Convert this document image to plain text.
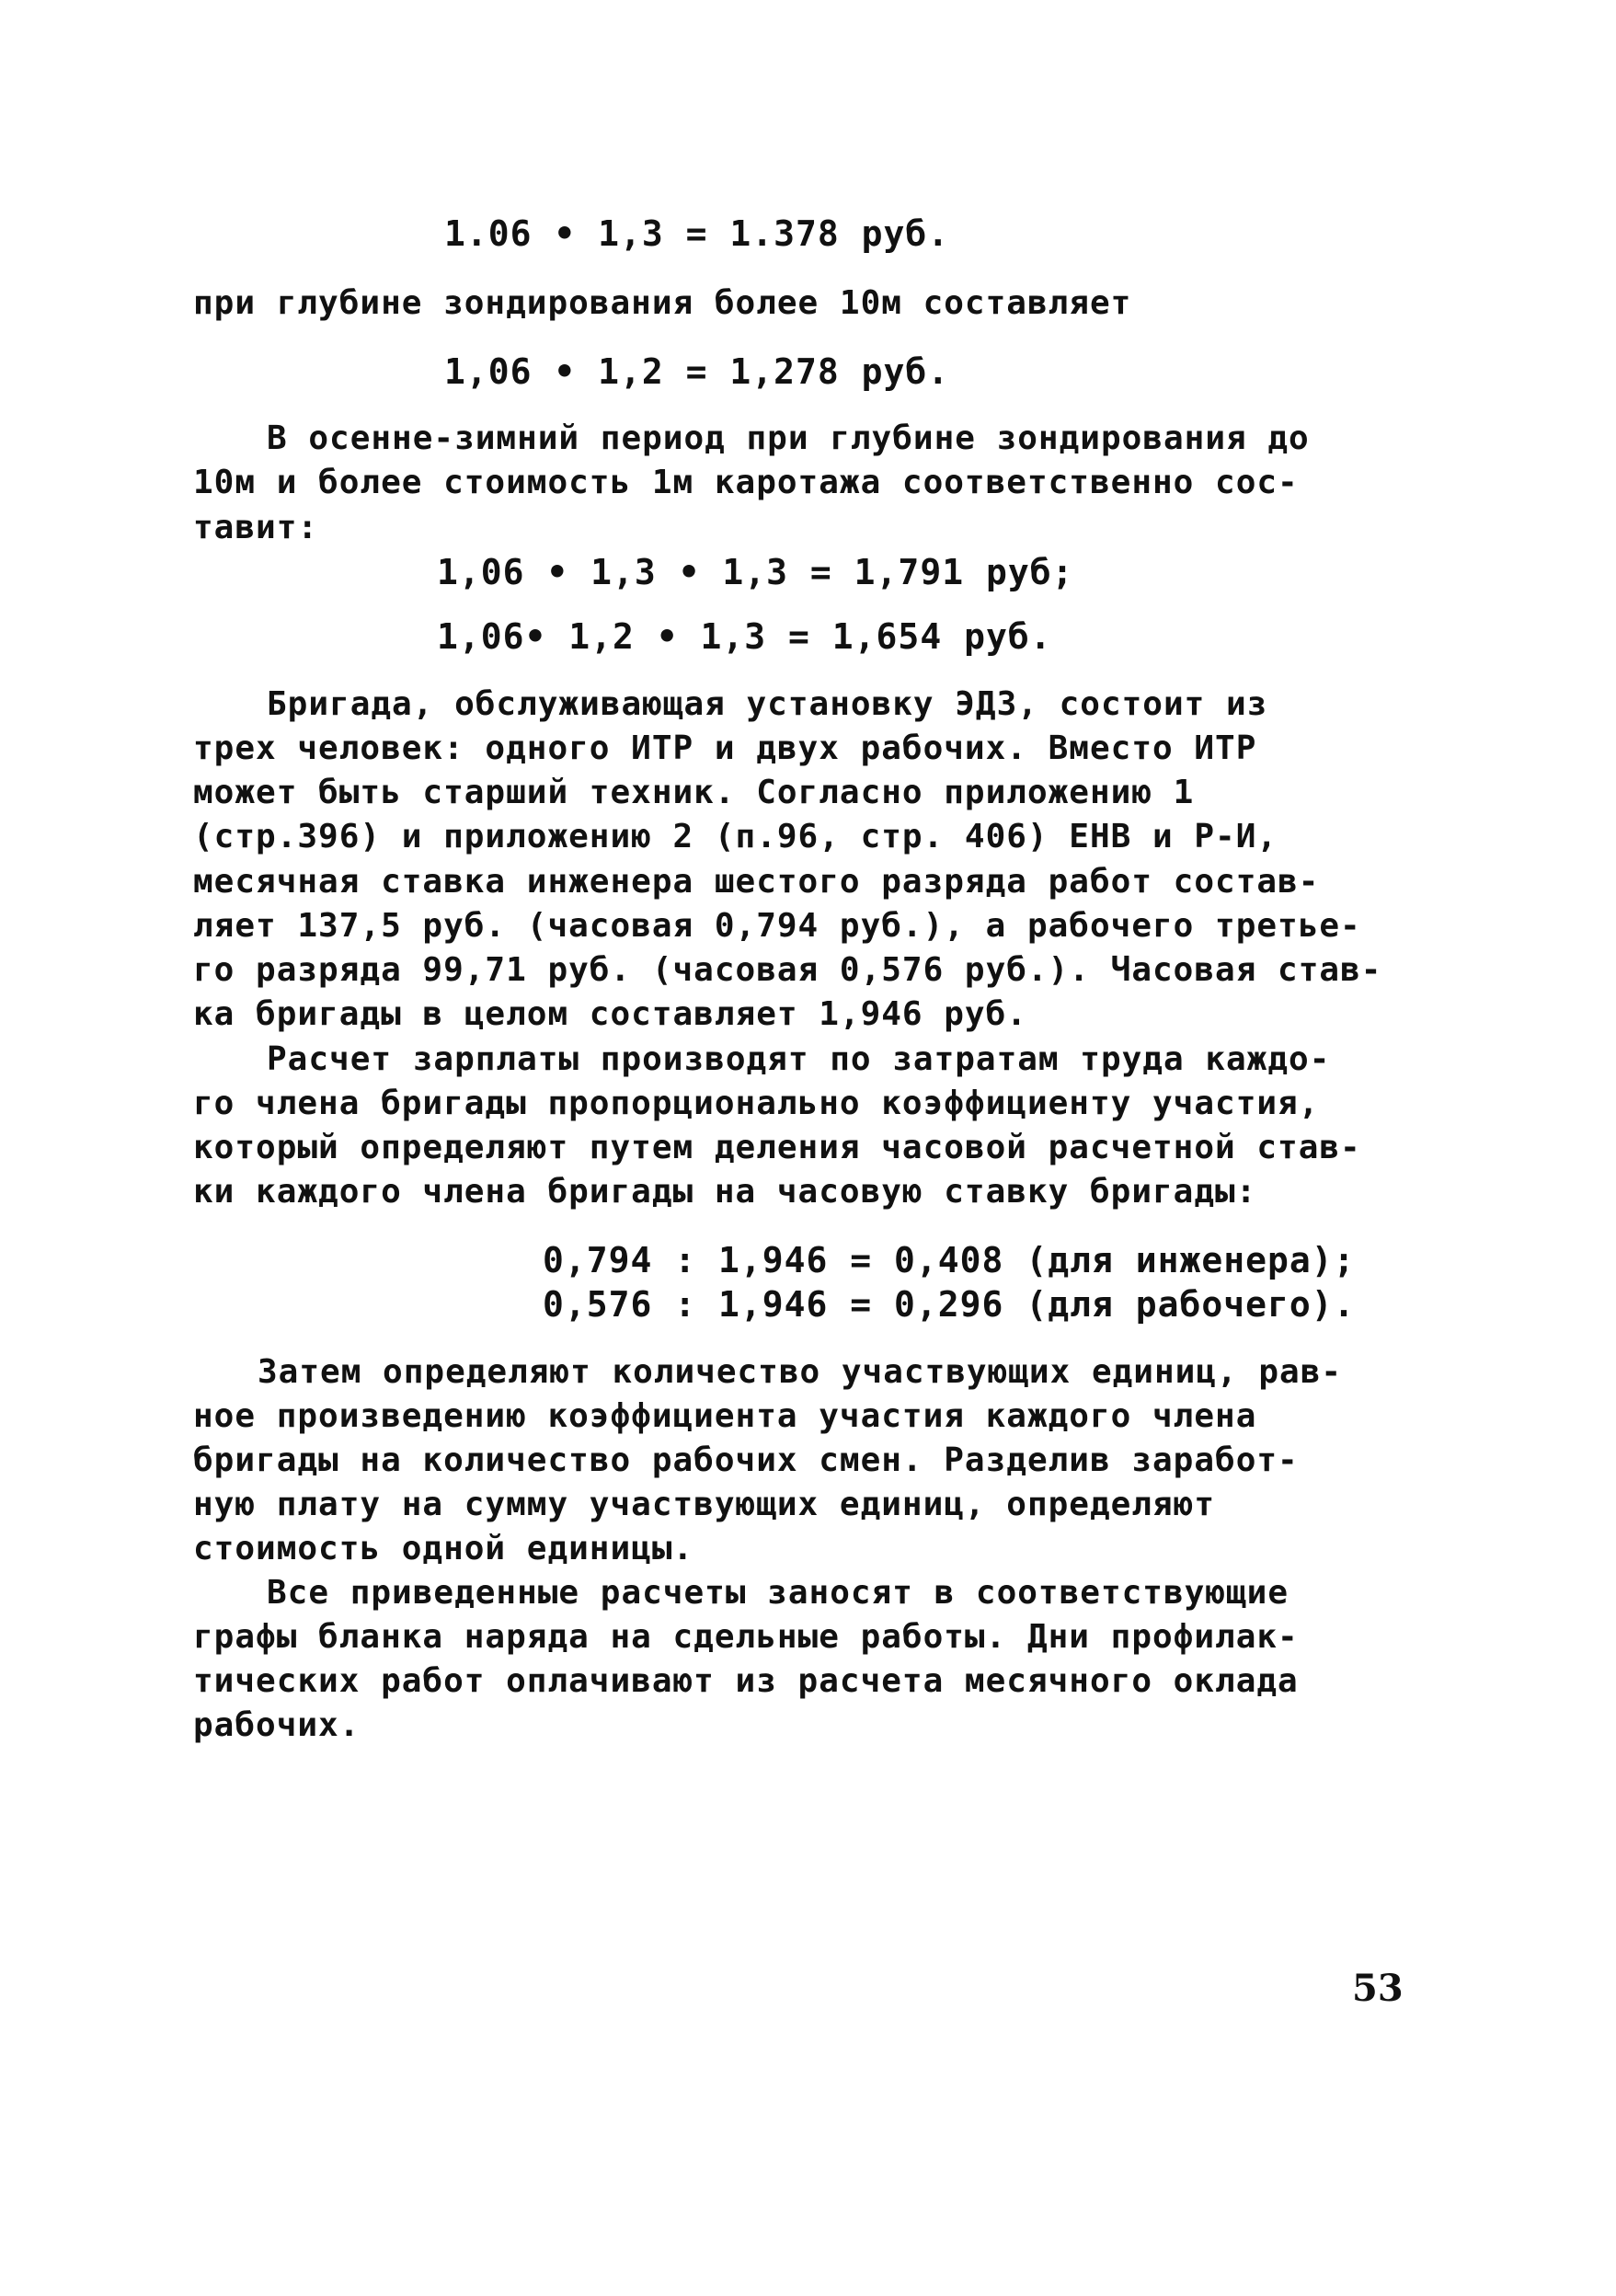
1.06 • 1,3 = 1.378 руб.
при глубине зондирования более 10м составляет
1,06 • 1,2 = 1,278 руб.
В осенне-зимний период при глубине зондирования до
10м и более стоимость 1м каротажа соответственно сос-
тавит:
1,06 • 1,3 • 1,3 = 1,791 руб;
1,06• 1,2 • 1,3 = 1,654 руб.
Бригада, обслуживающая установку ЭДЗ, состоит из
трех человек: одного ИТР и двух рабочих. Вместо ИТР
может быть старший техник. Согласно приложению 1
(стр.396) и приложению 2 (п.96, стр. 406) ЕНВ и Р-И,
месячная ставка инженера шестого разряда работ состав-
ляет 137,5 руб. (часовая 0,794 руб.), а рабочего третье-
го разряда 99,71 руб. (часовая 0,576 руб.). Часовая став-
ка бригады в целом составляет 1,946 руб.
Расчет зарплаты производят по затратам труда каждо-
го члена бригады пропорционально коэффициенту участия,
который определяют путем деления часовой расчетной став-
ки каждого члена бригады на часовую ставку бригады:
0,794 : 1,946 = 0,408 (для инженера);
0,576 : 1,946 = 0,296 (для рабочего).
Затем определяют количество участвующих единиц, рав-
ное произведению коэффициента участия каждого члена
бригады на количество рабочих смен. Разделив заработ-
ную плату на сумму участвующих единиц, определяют
стоимость одной единицы.
Все приведенные расчеты заносят в соответствующие
графы бланка наряда на сдельные работы. Дни профилак-
тических работ оплачивают из расчета месячного оклада
рабочих.
53
